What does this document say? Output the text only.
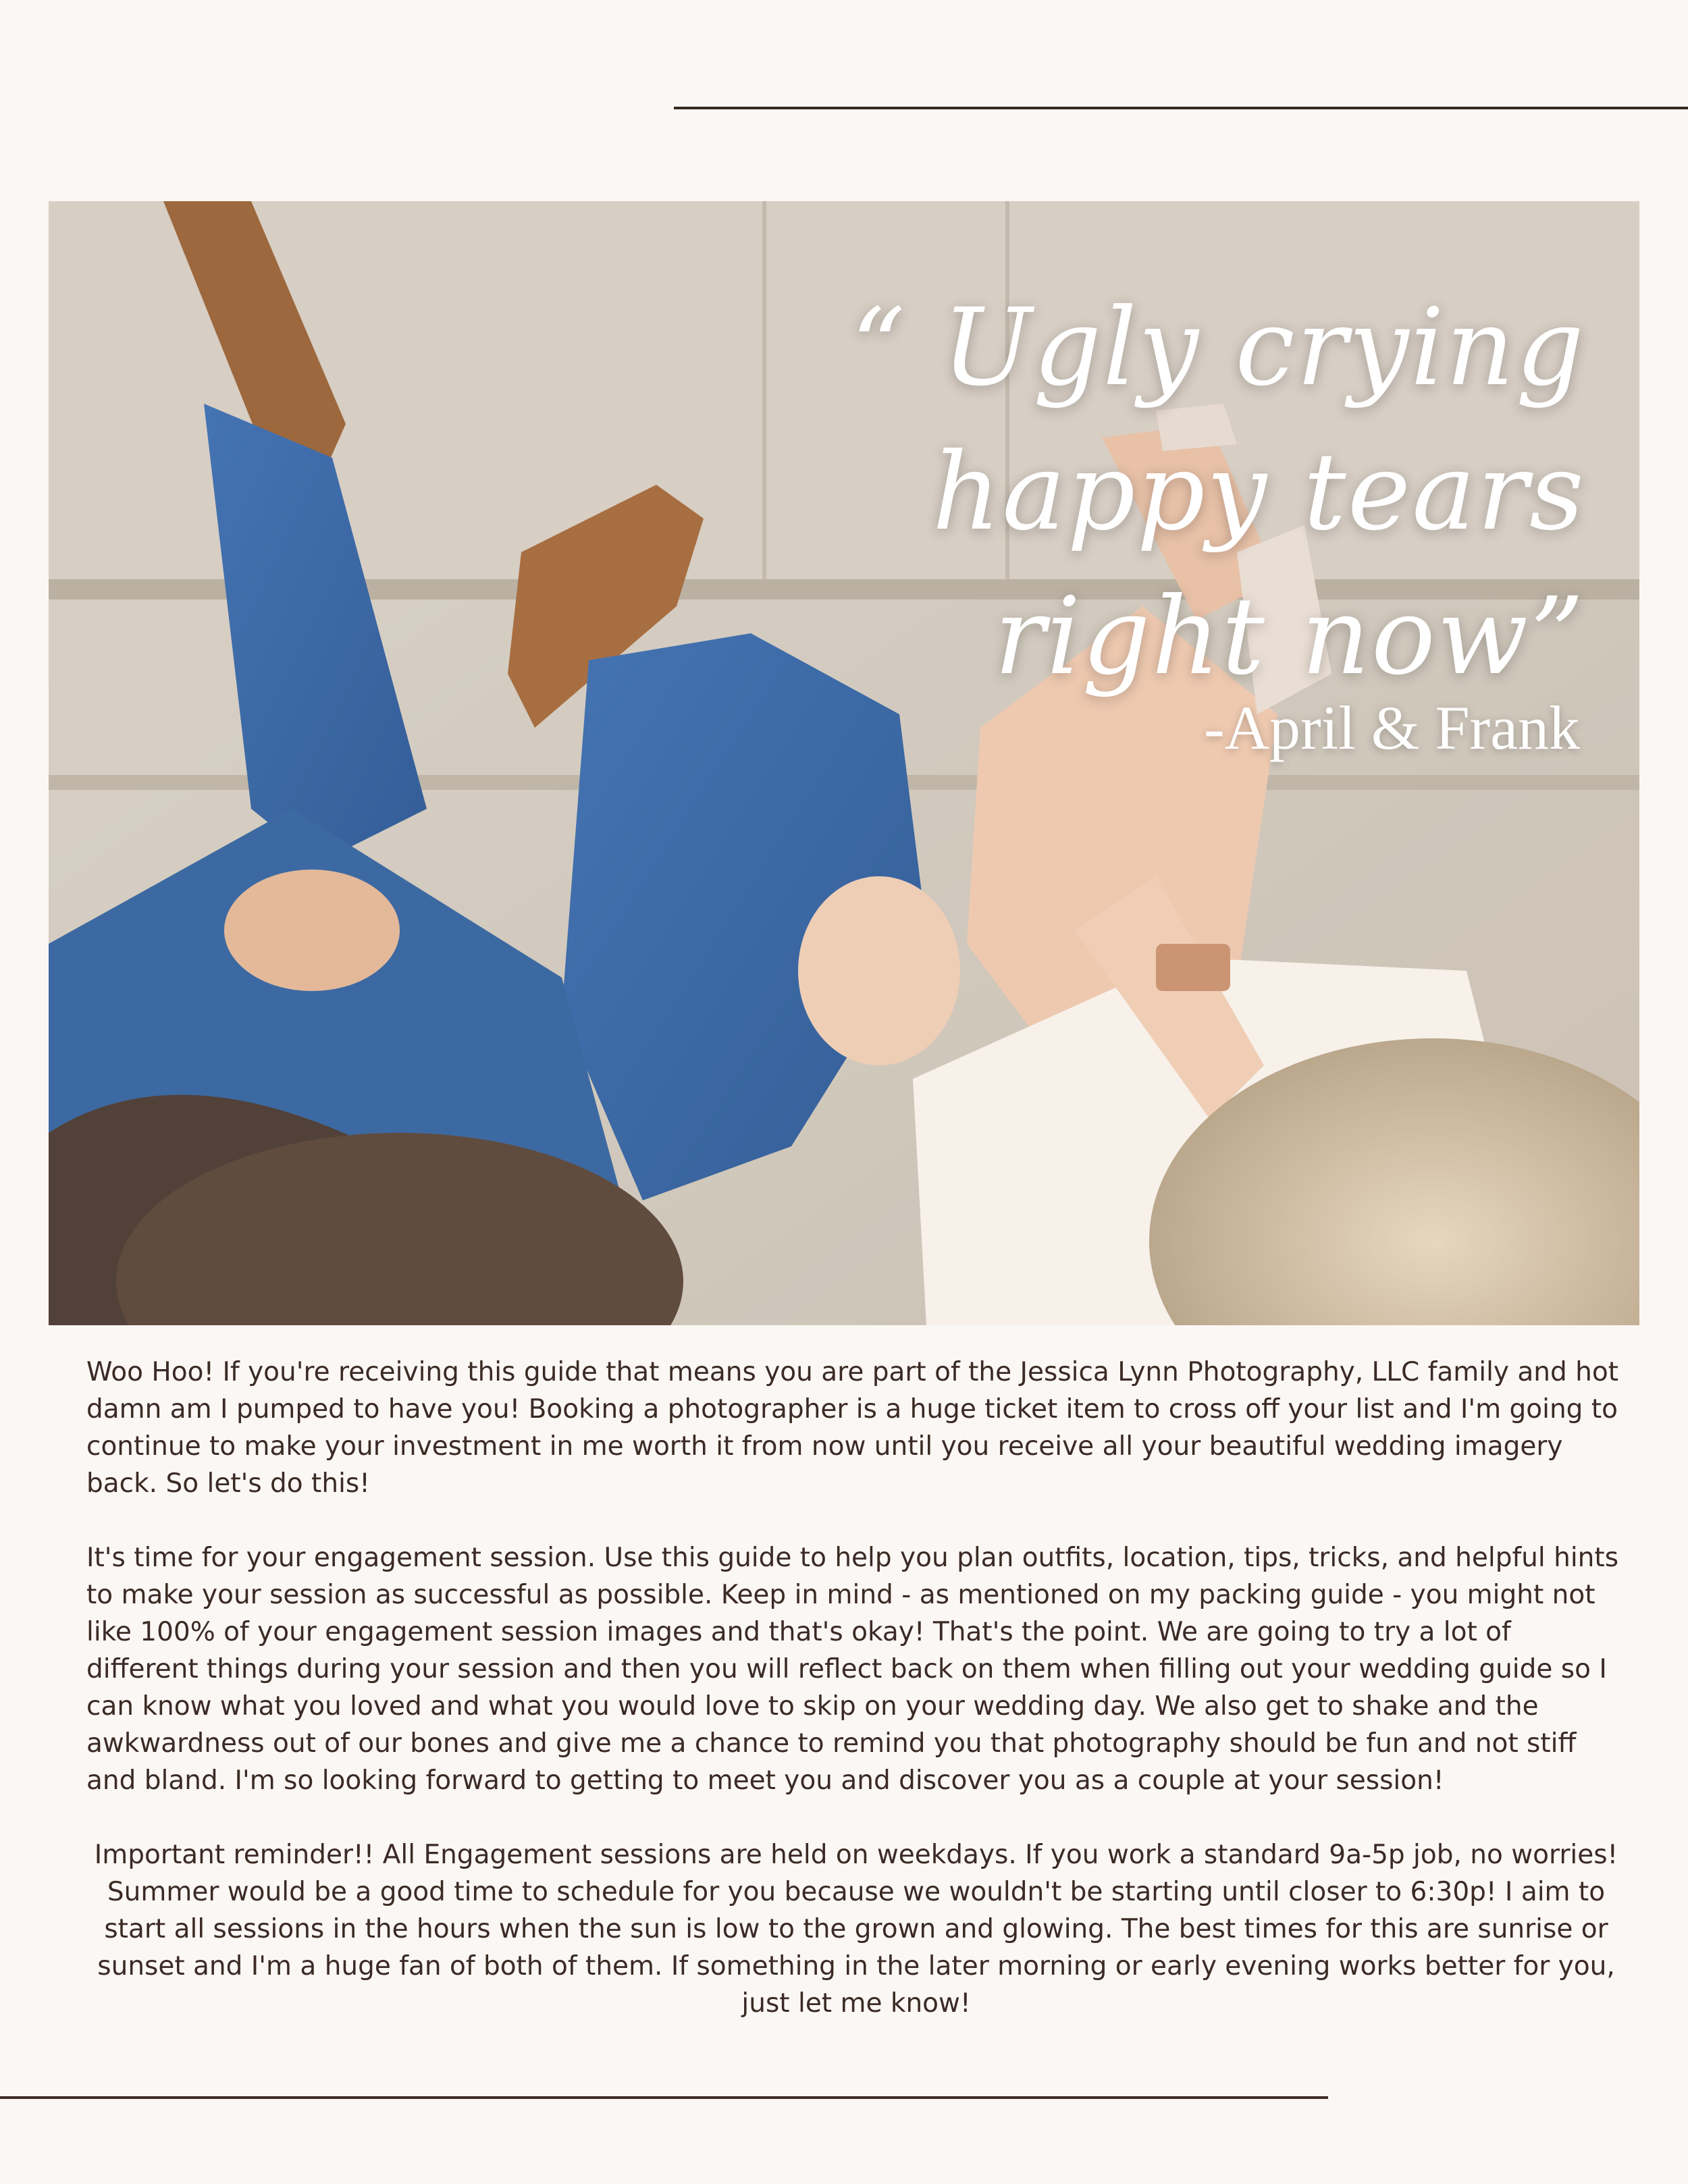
“ Ugly crying happy tears right now”
-April & Frank

Woo Hoo! If you're receiving this guide that means you are part of the Jessica Lynn Photography, LLC family and hot damn am I pumped to have you! Booking a photographer is a huge ticket item to cross off your list and I'm going to continue to make your investment in me worth it from now until you receive all your beautiful wedding imagery back. So let's do this!

It's time for your engagement session. Use this guide to help you plan outfits, location, tips, tricks, and helpful hints to make your session as successful as possible. Keep in mind - as mentioned on my packing guide - you might not like 100% of your engagement session images and that's okay! That's the point. We are going to try a lot of different things during your session and then you will reflect back on them when filling out your wedding guide so I can know what you loved and what you would love to skip on your wedding day. We also get to shake and the awkwardness out of our bones and give me a chance to remind you that photography should be fun and not stiff and bland. I'm so looking forward to getting to meet you and discover you as a couple at your session!

Important reminder!! All Engagement sessions are held on weekdays. If you work a standard 9a-5p job, no worries! Summer would be a good time to schedule for you because we wouldn't be starting until closer to 6:30p! I aim to start all sessions in the hours when the sun is low to the grown and glowing. The best times for this are sunrise or sunset and I'm a huge fan of both of them. If something in the later morning or early evening works better for you, just let me know!
